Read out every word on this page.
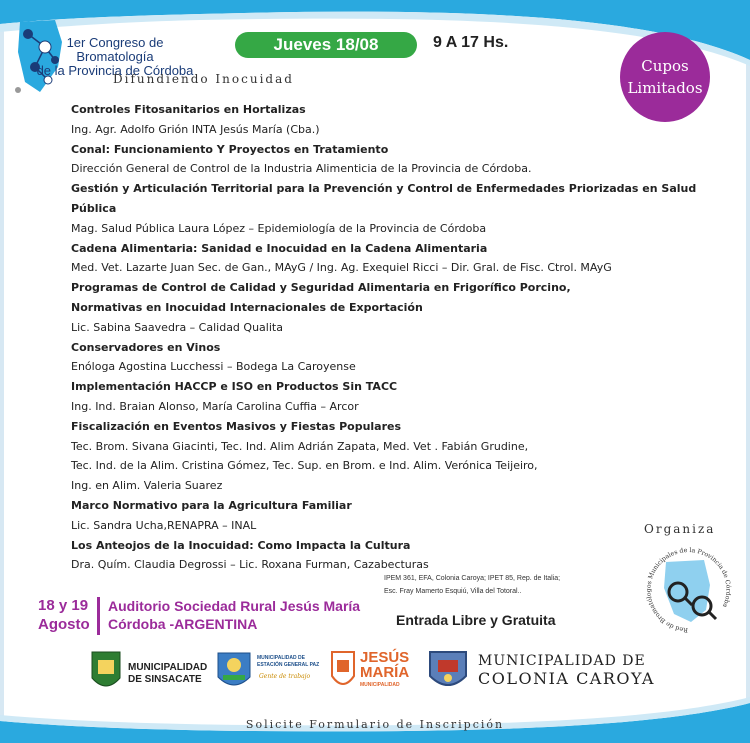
1er Congreso de Bromatología
de la Provincia de Córdoba
Difundiendo Inocuidad
Jueves 18/08	9 A 17 Hs.
Cupos
Limitados
Controles Fitosanitarios en Hortalizas
Ing. Agr. Adolfo Grión INTA Jesús María (Cba.)
Conal: Funcionamiento Y Proyectos en Tratamiento
Dirección General de Control de la Industria Alimenticia de la Provincia de Córdoba.
Gestión y Articulación Territorial para la Prevención y Control de Enfermedades Priorizadas en Salud
Pública
Mag. Salud Pública Laura López – Epidemiología de la Provincia de Córdoba
Cadena Alimentaria: Sanidad e Inocuidad en la Cadena Alimentaria
Med. Vet. Lazarte Juan Sec. de Gan., MAyG / Ing. Ag. Exequiel Ricci – Dir. Gral. de Fisc. Ctrol. MAyG
Programas de Control de Calidad y Seguridad Alimentaria en Frigorífico Porcino,
Normativas en Inocuidad Internacionales de Exportación
Lic. Sabina Saavedra – Calidad Qualita
Conservadores en Vinos
Enóloga Agostina Lucchessi – Bodega La Caroyense
Implementación HACCP e ISO en Productos Sin TACC
Ing. Ind. Braian Alonso, María Carolina Cuffia – Arcor
Fiscalización en Eventos Masivos y Fiestas Populares
Tec. Brom. Sivana Giacinti, Tec. Ind. Alim Adrián Zapata, Med. Vet . Fabián Grudine,
Tec. Ind. de la Alim. Cristina Gómez, Tec. Sup. en Brom. e Ind. Alim. Verónica Teijeiro,
Ing. en Alim. Valeria Suarez
Marco Normativo para la Agricultura Familiar
Lic. Sandra Ucha,RENAPRA – INAL
Los Anteojos de la Inocuidad: Como Impacta la Cultura
Dra. Quím. Claudia Degrossi – Lic. Roxana Furman, Cazabecturas
18 y 19
Agosto
Auditorio Sociedad Rural Jesús María
Córdoba -ARGENTINA
IPEM 361, EFA, Colonia Caroya; IPET 85, Rep. de Italia;
Esc. Fray Mamerto Esquiú, Villa del Totoral..
Entrada Libre y Gratuita
Organiza
Red de Bromatólogos Municipales de la Provincia de Córdoba
MUNICIPALIDAD
DE SINSACATE
MUNICIPALIDAD DE
ESTACIÓN GENERAL PAZ
Gente de trabajo
JESÚS
MARÍA
MUNICIPALIDAD
MUNICIPALIDAD DE
COLONIA CAROYA
Solicite Formulario de Inscripción
